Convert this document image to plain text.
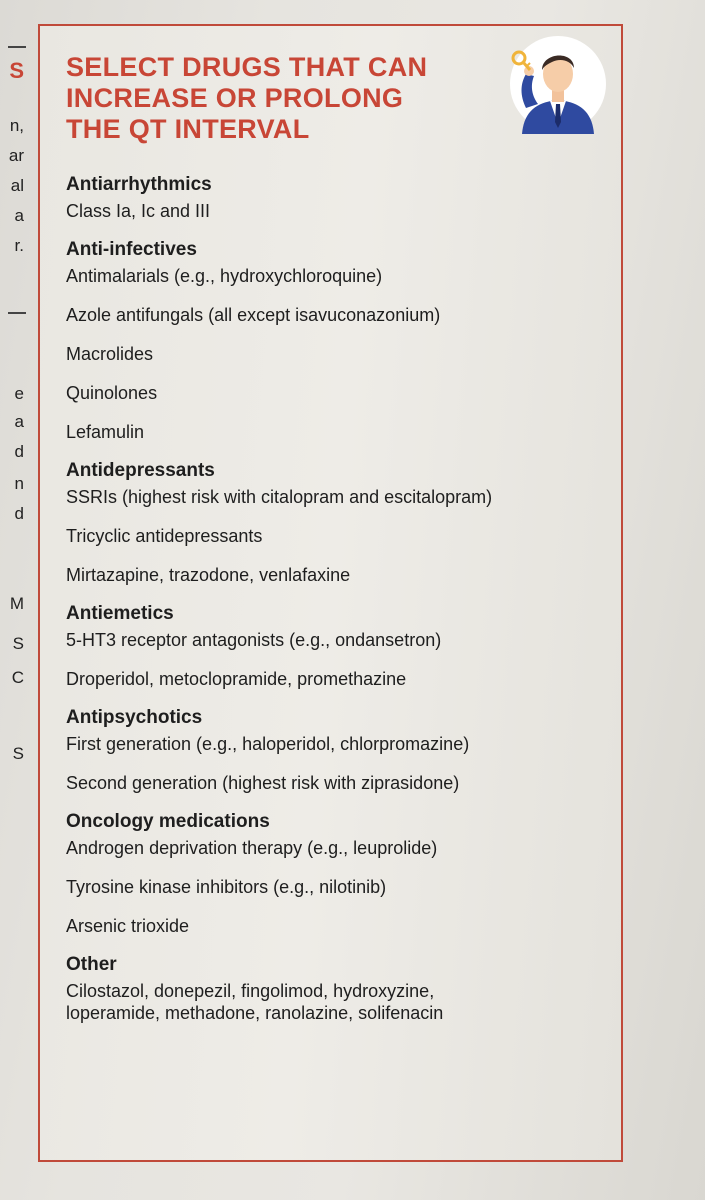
S
n,
ar
al
a
r.
e
a
d
n
d
M
S
C
S
SELECT DRUGS THAT CAN
INCREASE OR PROLONG
THE QT INTERVAL
Antiarrhythmics
Class Ia, Ic and III
Anti-infectives
Antimalarials (e.g., hydroxychloroquine)
Azole antifungals (all except isavuconazonium)
Macrolides
Quinolones
Lefamulin
Antidepressants
SSRIs (highest risk with citalopram and escitalopram)
Tricyclic antidepressants
Mirtazapine, trazodone, venlafaxine
Antiemetics
5-HT3 receptor antagonists (e.g., ondansetron)
Droperidol, metoclopramide, promethazine
Antipsychotics
First generation (e.g., haloperidol, chlorpromazine)
Second generation (highest risk with ziprasidone)
Oncology medications
Androgen deprivation therapy (e.g., leuprolide)
Tyrosine kinase inhibitors (e.g., nilotinib)
Arsenic trioxide
Other
Cilostazol, donepezil, fingolimod, hydroxyzine,
loperamide, methadone, ranolazine, solifenacin
